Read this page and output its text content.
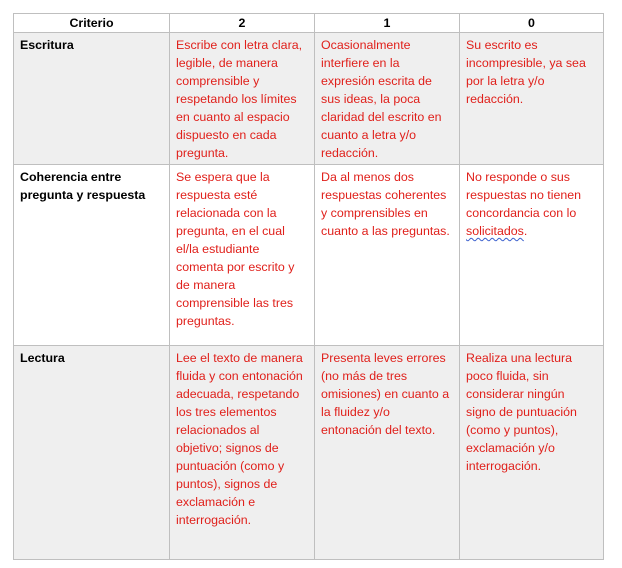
Criterio	2	1	0
Escritura	Escribe con letra clara, legible, de manera comprensible y respetando los límites en cuanto al espacio dispuesto en cada pregunta.	Ocasionalmente interfiere en la expresión escrita de sus ideas, la poca claridad del escrito en cuanto a letra y/o redacción.	Su escrito es incompresible, ya sea por la letra y/o redacción.
Coherencia entre pregunta y respuesta	Se espera que la respuesta esté relacionada con la pregunta, en el cual el/la estudiante comenta por escrito y de manera comprensible las tres preguntas.	Da al menos dos respuestas coherentes y comprensibles en cuanto a las preguntas.	No responde o sus respuestas no tienen concordancia con lo solicitados.
Lectura	Lee el texto de manera fluida y con entonación adecuada, respetando los tres elementos relacionados al objetivo; signos de puntuación (como y puntos), signos de exclamación e interrogación.	Presenta leves errores (no más de tres omisiones) en cuanto a la fluidez y/o entonación del texto.	Realiza una lectura poco fluida, sin considerar ningún signo de puntuación (como y puntos), exclamación y/o interrogación.
